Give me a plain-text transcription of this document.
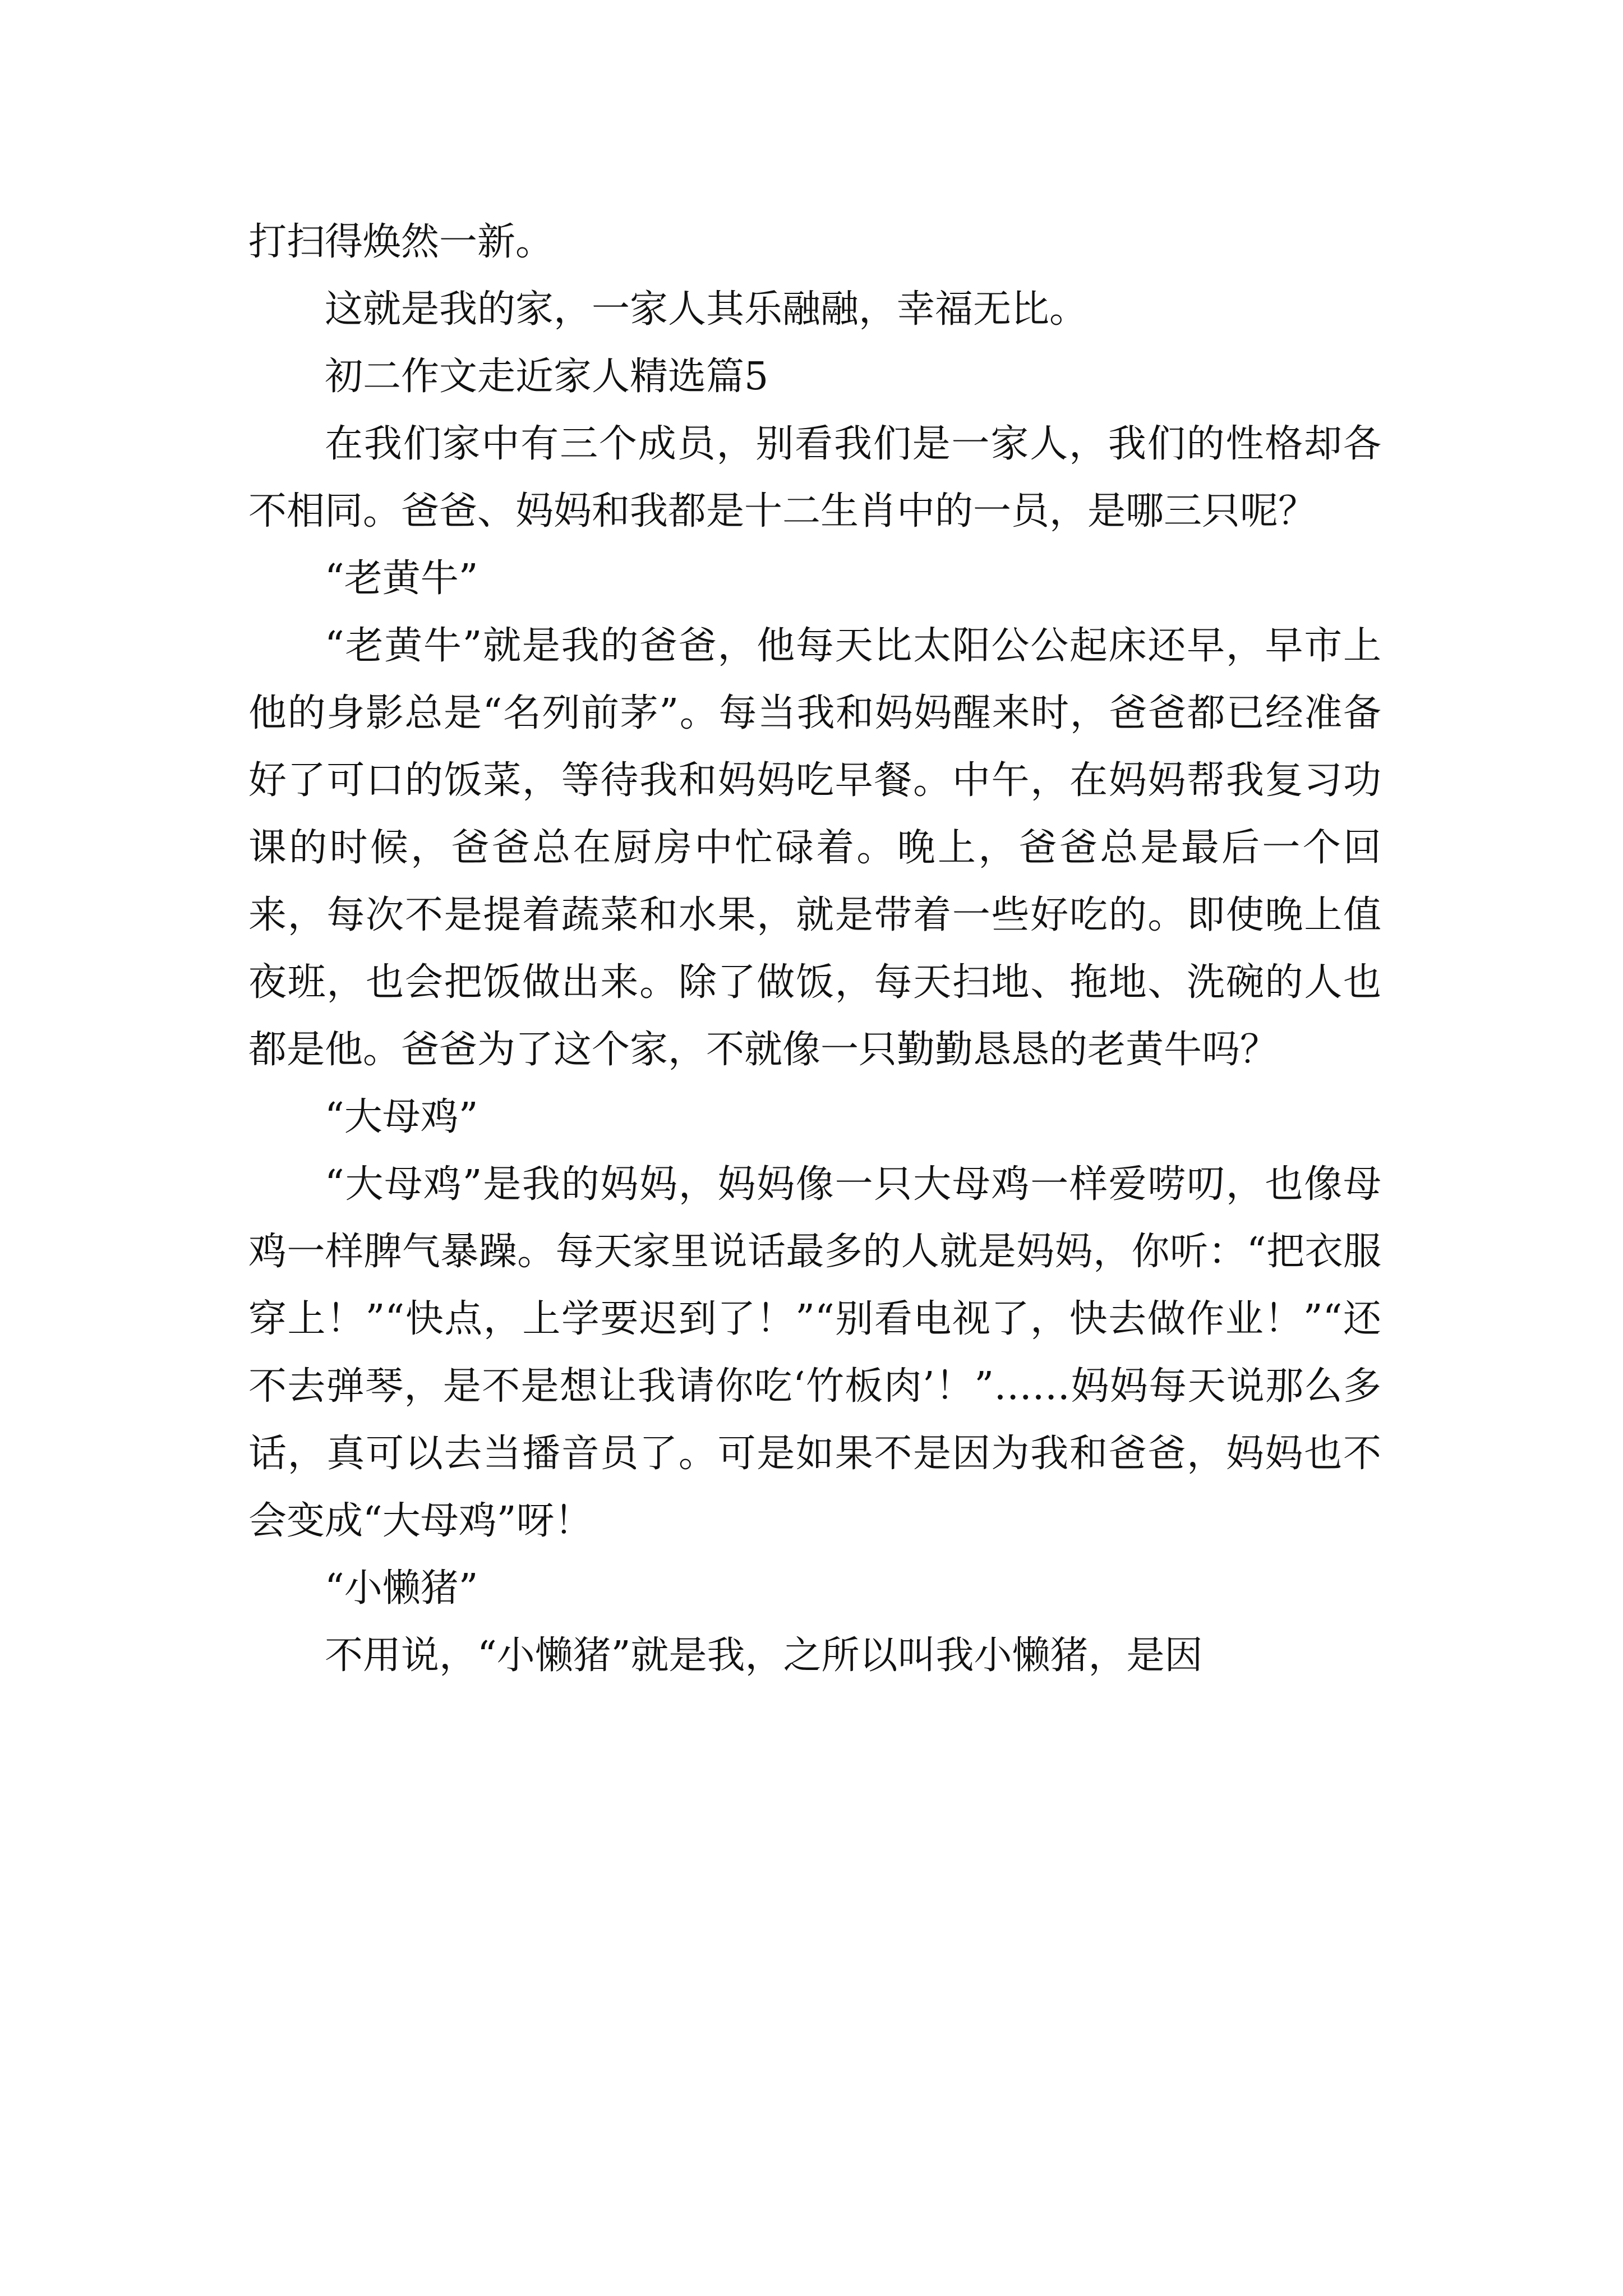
打扫得焕然一新。

这就是我的家，一家人其乐融融，幸福无比。

初二作文走近家人精选篇5

在我们家中有三个成员，别看我们是一家人，我们的性格却各不相同。爸爸、妈妈和我都是十二生肖中的一员，是哪三只呢？

“老黄牛”

“老黄牛”就是我的爸爸，他每天比太阳公公起床还早，早市上他的身影总是“名列前茅”。每当我和妈妈醒来时，爸爸都已经准备好了可口的饭菜，等待我和妈妈吃早餐。中午，在妈妈帮我复习功课的时候，爸爸总在厨房中忙碌着。晚上，爸爸总是最后一个回来，每次不是提着蔬菜和水果，就是带着一些好吃的。即使晚上值夜班，也会把饭做出来。除了做饭，每天扫地、拖地、洗碗的人也都是他。爸爸为了这个家，不就像一只勤勤恳恳的老黄牛吗？

“大母鸡”

“大母鸡”是我的妈妈，妈妈像一只大母鸡一样爱唠叨，也像母鸡一样脾气暴躁。每天家里说话最多的人就是妈妈，你听：“把衣服穿上！”“快点，上学要迟到了！”“别看电视了，快去做作业！”“还不去弹琴，是不是想让我请你吃‘竹板肉’！”……妈妈每天说那么多话，真可以去当播音员了。可是如果不是因为我和爸爸，妈妈也不会变成“大母鸡”呀！

“小懒猪”

不用说，“小懒猪”就是我，之所以叫我小懒猪，是因
